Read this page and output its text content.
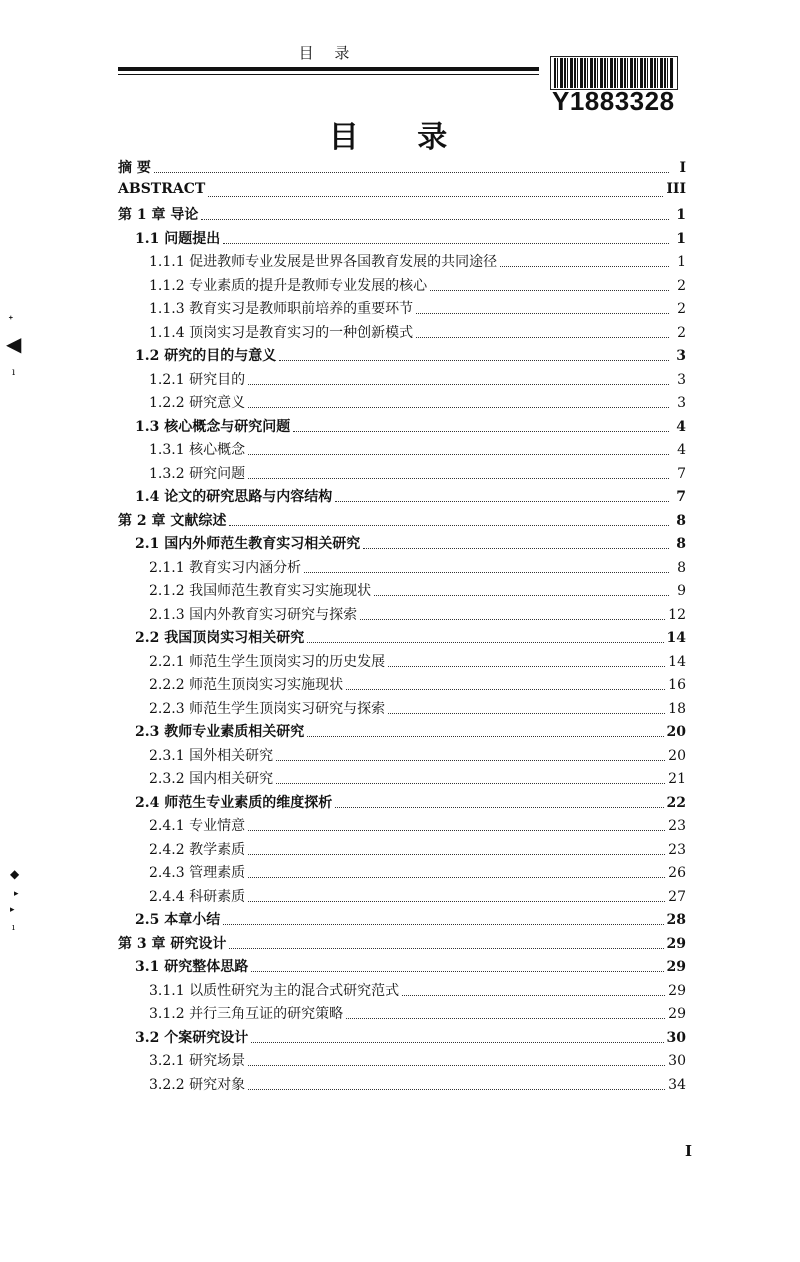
目 录
Y1883328
目 录
摘 要	I
ABSTRACT	III
第 1 章 导论	1
1.1 问题提出	1
1.1.1 促进教师专业发展是世界各国教育发展的共同途径	1
1.1.2 专业素质的提升是教师专业发展的核心	2
1.1.3 教育实习是教师职前培养的重要环节	2
1.1.4 顶岗实习是教育实习的一种创新模式	2
1.2 研究的目的与意义	3
1.2.1 研究目的	3
1.2.2 研究意义	3
1.3 核心概念与研究问题	4
1.3.1 核心概念	4
1.3.2 研究问题	7
1.4 论文的研究思路与内容结构	7
第 2 章 文献综述	8
2.1 国内外师范生教育实习相关研究	8
2.1.1 教育实习内涵分析	8
2.1.2 我国师范生教育实习实施现状	9
2.1.3 国内外教育实习研究与探索	12
2.2 我国顶岗实习相关研究	14
2.2.1 师范生学生顶岗实习的历史发展	14
2.2.2 师范生顶岗实习实施现状	16
2.2.3 师范生学生顶岗实习研究与探索	18
2.3 教师专业素质相关研究	20
2.3.1 国外相关研究	20
2.3.2 国内相关研究	21
2.4 师范生专业素质的维度探析	22
2.4.1 专业情意	23
2.4.2 教学素质	23
2.4.3 管理素质	26
2.4.4 科研素质	27
2.5 本章小结	28
第 3 章 研究设计	29
3.1 研究整体思路	29
3.1.1 以质性研究为主的混合式研究范式	29
3.1.2 并行三角互证的研究策略	29
3.2 个案研究设计	30
3.2.1 研究场景	30
3.2.2 研究对象	34
I
ᐩ
◀
ı
◆
▸
▸
ı
